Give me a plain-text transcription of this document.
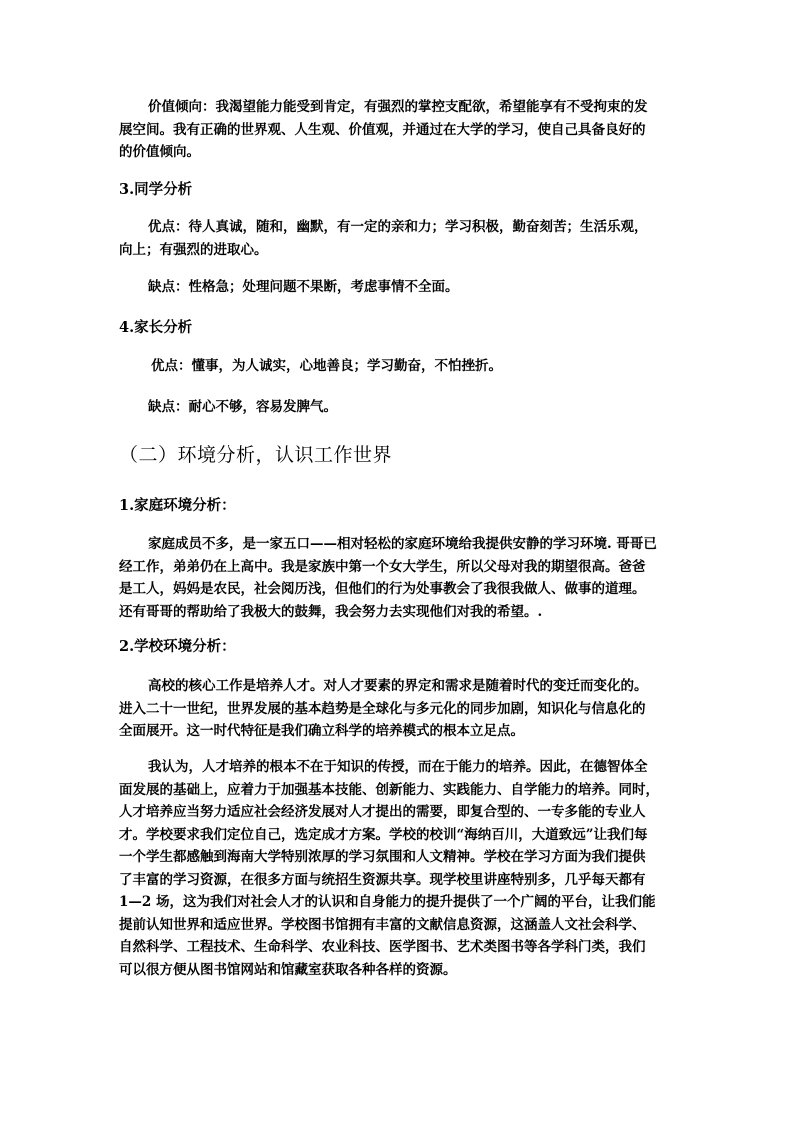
价值倾向：我渴望能力能受到肯定，有强烈的掌控支配欲，希望能享有不受拘束的发
展空间。我有正确的世界观、人生观、价值观，并通过在大学的学习，使自己具备良好的
的价值倾向。

3.同学分析

优点：待人真诚，随和，幽默，有一定的亲和力；学习积极，勤奋刻苦；生活乐观，
向上；有强烈的进取心。

缺点：性格急；处理问题不果断，考虑事情不全面。

4.家长分析

优点：懂事，为人诚实，心地善良；学习勤奋，不怕挫折。

缺点：耐心不够，容易发脾气。

（二）环境分析，认识工作世界
1.家庭环境分析：

家庭成员不多，是一家五口——相对轻松的家庭环境给我提供安静的学习环境. 哥哥已
经工作，弟弟仍在上高中。我是家族中第一个女大学生，所以父母对我的期望很高。爸爸
是工人，妈妈是农民，社会阅历浅，但他们的行为处事教会了我很我做人、做事的道理。
还有哥哥的帮助给了我极大的鼓舞，我会努力去实现他们对我的希望。.

2.学校环境分析：

高校的核心工作是培养人才。对人才要素的界定和需求是随着时代的变迁而变化的。
进入二十一世纪，世界发展的基本趋势是全球化与多元化的同步加剧，知识化与信息化的
全面展开。这一时代特征是我们确立科学的培养模式的根本立足点。

我认为，人才培养的根本不在于知识的传授，而在于能力的培养。因此，在德智体全
面发展的基础上，应着力于加强基本技能、创新能力、实践能力、自学能力的培养。同时，
人才培养应当努力适应社会经济发展对人才提出的需要，即复合型的、一专多能的专业人
才。学校要求我们定位自己，选定成才方案。学校的校训“海纳百川，大道致远”让我们每
一个学生都感触到海南大学特别浓厚的学习氛围和人文精神。学校在学习方面为我们提供
了丰富的学习资源，在很多方面与统招生资源共享。现学校里讲座特别多，几乎每天都有
1—2 场，这为我们对社会人才的认识和自身能力的提升提供了一个广阔的平台，让我们能
提前认知世界和适应世界。学校图书馆拥有丰富的文献信息资源，这涵盖人文社会科学、
自然科学、工程技术、生命科学、农业科技、医学图书、艺术类图书等各学科门类，我们
可以很方便从图书馆网站和馆藏室获取各种各样的资源。
